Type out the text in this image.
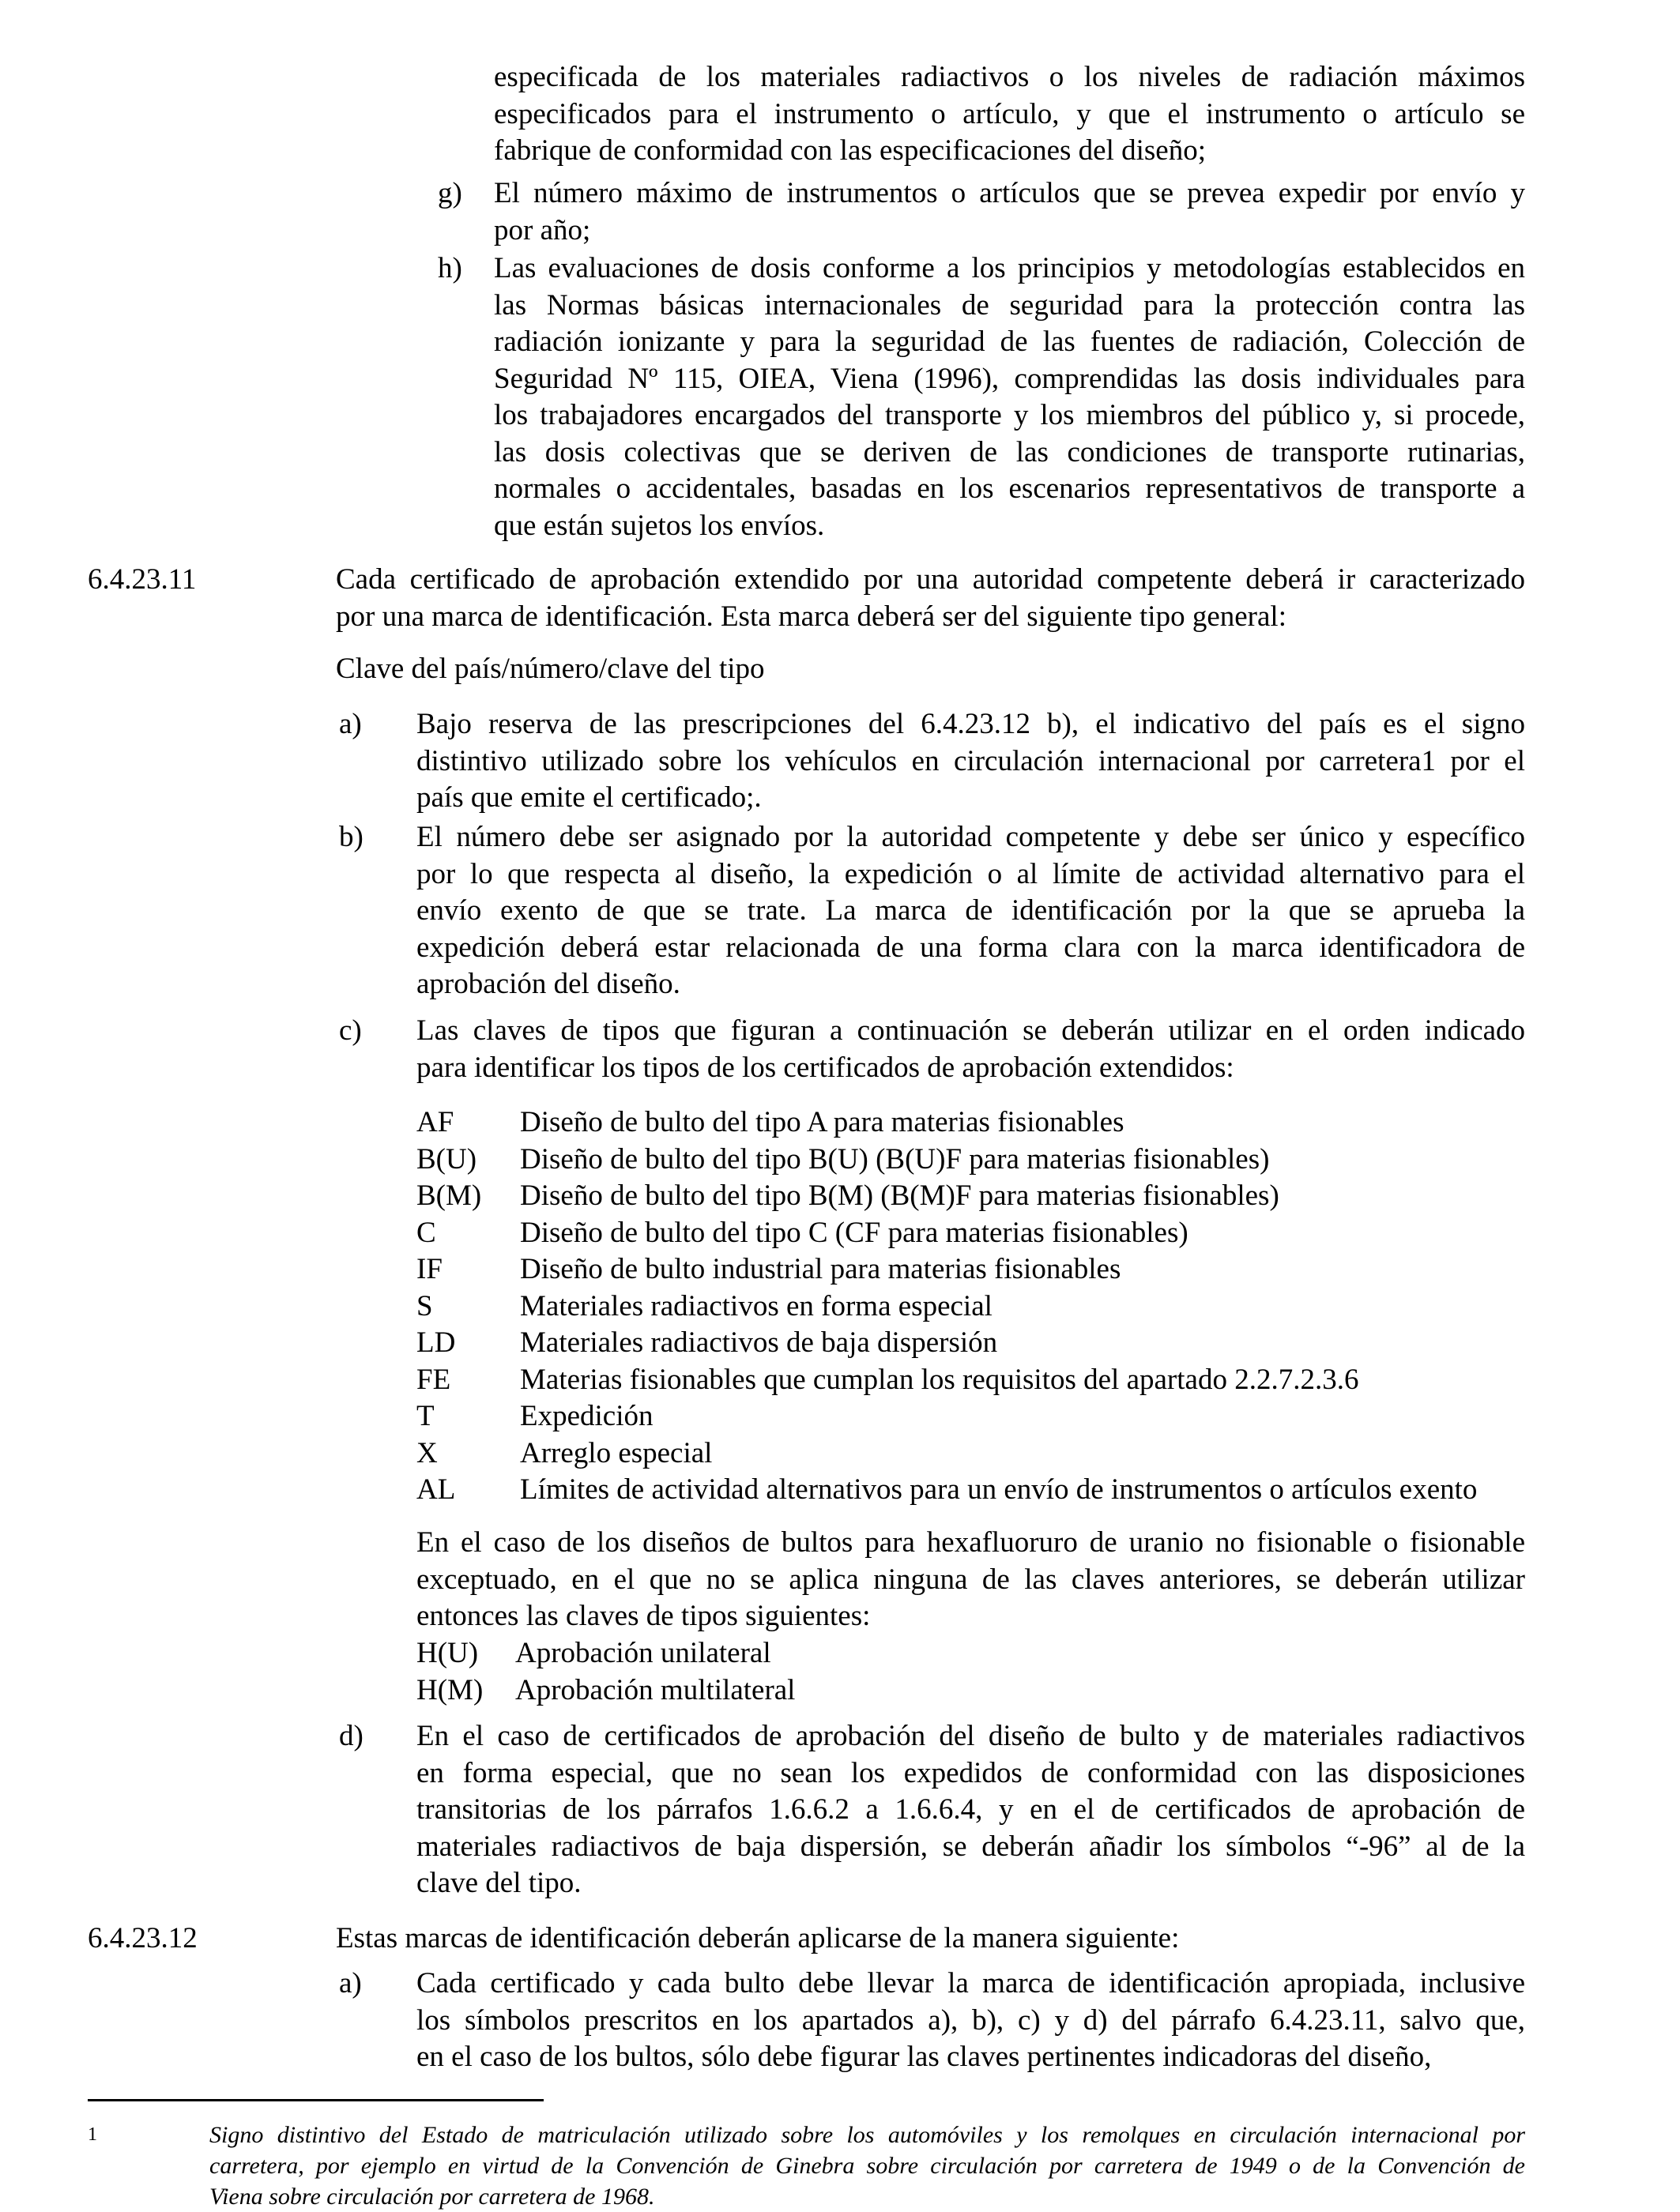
especificada de los materiales radiactivos o los niveles de radiación máximos
especificados para el instrumento o artículo, y que el instrumento o artículo se
fabrique de conformidad con las especificaciones del diseño;
g) El número máximo de instrumentos o artículos que se prevea expedir por envío y
por año;
h) Las evaluaciones de dosis conforme a los principios y metodologías establecidos en
las Normas básicas internacionales de seguridad para la protección contra las
radiación ionizante y para la seguridad de las fuentes de radiación, Colección de
Seguridad Nº 115, OIEA, Viena (1996), comprendidas las dosis individuales para
los trabajadores encargados del transporte y los miembros del público y, si procede,
las dosis colectivas que se deriven de las condiciones de transporte rutinarias,
normales o accidentales, basadas en los escenarios representativos de transporte a
que están sujetos los envíos.
6.4.23.11	Cada certificado de aprobación extendido por una autoridad competente deberá ir caracterizado
por una marca de identificación. Esta marca deberá ser del siguiente tipo general:
Clave del país/número/clave del tipo
a) Bajo reserva de las prescripciones del 6.4.23.12 b), el indicativo del país es el signo
distintivo utilizado sobre los vehículos en circulación internacional por carretera1 por el
país que emite el certificado;.
b) El número debe ser asignado por la autoridad competente y debe ser único y específico
por lo que respecta al diseño, la expedición o al límite de actividad alternativo para el
envío exento de que se trate. La marca de identificación por la que se aprueba la
expedición deberá estar relacionada de una forma clara con la marca identificadora de
aprobación del diseño.
c) Las claves de tipos que figuran a continuación se deberán utilizar en el orden indicado
para identificar los tipos de los certificados de aprobación extendidos:
En el caso de los diseños de bultos para hexafluoruro de uranio no fisionable o fisionable
exceptuado, en el que no se aplica ninguna de las claves anteriores, se deberán utilizar
entonces las claves de tipos siguientes:
d) En el caso de certificados de aprobación del diseño de bulto y de materiales radiactivos
en forma especial, que no sean los expedidos de conformidad con las disposiciones
transitorias de los párrafos 1.6.6.2 a 1.6.6.4, y en el de certificados de aprobación de
materiales radiactivos de baja dispersión, se deberán añadir los símbolos “-96” al de la
clave del tipo.
6.4.23.12	Estas marcas de identificación deberán aplicarse de la manera siguiente:
a) Cada certificado y cada bulto debe llevar la marca de identificación apropiada, inclusive
los símbolos prescritos en los apartados a), b), c) y d) del párrafo 6.4.23.11, salvo que,
en el caso de los bultos, sólo debe figurar las claves pertinentes indicadoras del diseño,
AF Diseño de bulto del tipo A para materias fisionables
B(U) Diseño de bulto del tipo B(U) (B(U)F para materias fisionables)
B(M) Diseño de bulto del tipo B(M) (B(M)F para materias fisionables)
C	Diseño de bulto del tipo C (CF para materias fisionables)
IF	Diseño de bulto industrial para materias fisionables
S	Materiales radiactivos en forma especial
LD Materiales radiactivos de baja dispersión
FE Materias fisionables que cumplan los requisitos del apartado 2.2.7.2.3.6
T	Expedición
X	Arreglo especial
AL Límites de actividad alternativos para un envío de instrumentos o artículos exento
H(U) Aprobación unilateral
H(M) Aprobación multilateral
1	Signo distintivo del Estado de matriculación utilizado sobre los automóviles y los remolques en circulación internacional por
carretera, por ejemplo en virtud de la Convención de Ginebra sobre circulación por carretera de 1949 o de la Convención de
Viena sobre circulación por carretera de 1968.
